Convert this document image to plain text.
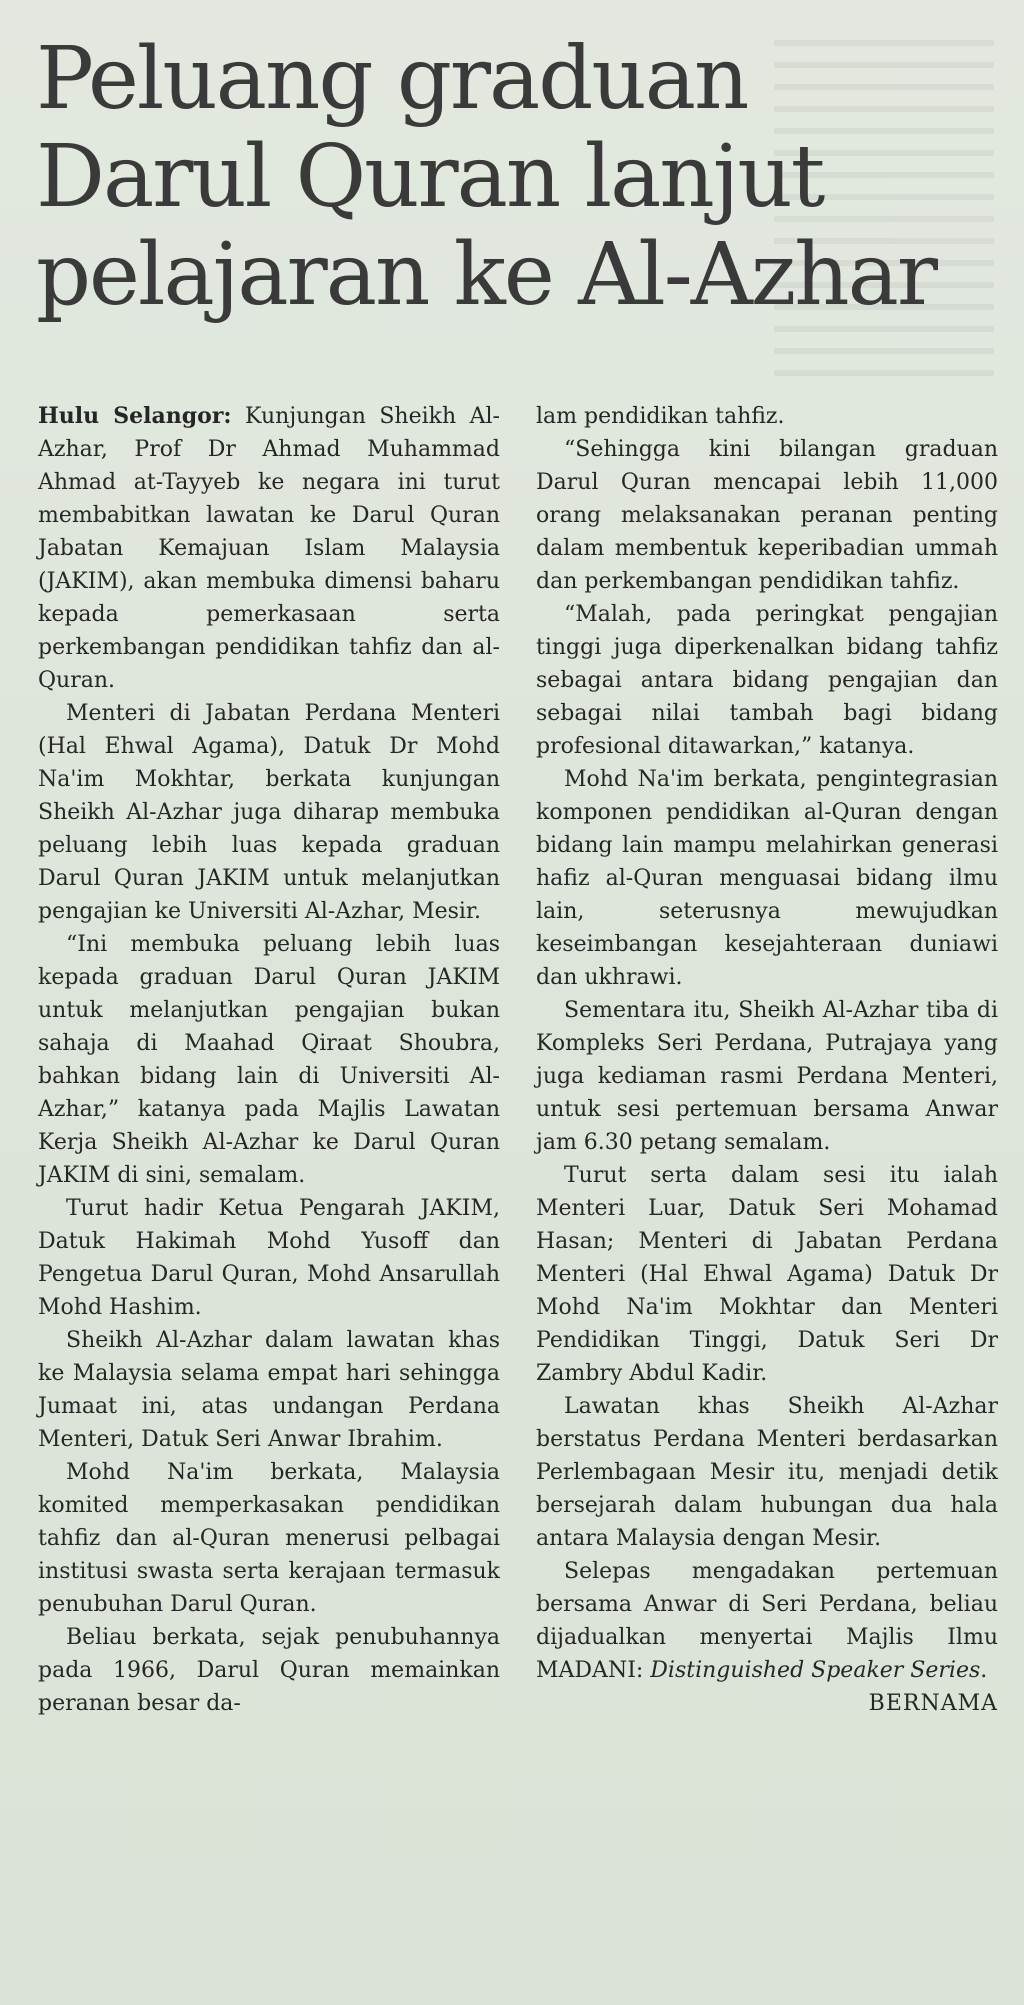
Peluang graduan
Darul Quran lanjut
pelajaran ke Al-Azhar

Hulu Selangor: Kunjungan Sheikh Al-Azhar, Prof Dr Ahmad Muhammad Ahmad at-Tayyeb ke negara ini turut membabitkan lawatan ke Darul Quran Jabatan Kemajuan Islam Malaysia (JAKIM), akan membuka dimensi baharu kepada pemerkasaan serta perkembangan pendidikan tahfiz dan al-Quran.

Menteri di Jabatan Perdana Menteri (Hal Ehwal Agama), Datuk Dr Mohd Na'im Mokhtar, berkata kunjungan Sheikh Al-Azhar juga diharap membuka peluang lebih luas kepada graduan Darul Quran JAKIM untuk melanjutkan pengajian ke Universiti Al-Azhar, Mesir.

“Ini membuka peluang lebih luas kepada graduan Darul Quran JAKIM untuk melanjutkan pengajian bukan sahaja di Maahad Qiraat Shoubra, bahkan bidang lain di Universiti Al-Azhar,” katanya pada Majlis Lawatan Kerja Sheikh Al-Azhar ke Darul Quran JAKIM di sini, semalam.

Turut hadir Ketua Pengarah JAKIM, Datuk Hakimah Mohd Yusoff dan Pengetua Darul Quran, Mohd Ansarullah Mohd Hashim.

Sheikh Al-Azhar dalam lawatan khas ke Malaysia selama empat hari sehingga Jumaat ini, atas undangan Perdana Menteri, Datuk Seri Anwar Ibrahim.

Mohd Na'im berkata, Malaysia komited memperkasakan pendidikan tahfiz dan al-Quran menerusi pelbagai institusi swasta serta kerajaan termasuk penubuhan Darul Quran.

Beliau berkata, sejak penubuhannya pada 1966, Darul Quran memainkan peranan besar da-

lam pendidikan tahfiz.

“Sehingga kini bilangan graduan Darul Quran mencapai lebih 11,000 orang melaksanakan peranan penting dalam membentuk keperibadian ummah dan perkembangan pendidikan tahfiz.

“Malah, pada peringkat pengajian tinggi juga diperkenalkan bidang tahfiz sebagai antara bidang pengajian dan sebagai nilai tambah bagi bidang profesional ditawarkan,” katanya.

Mohd Na'im berkata, pengintegrasian komponen pendidikan al-Quran dengan bidang lain mampu melahirkan generasi hafiz al-Quran menguasai bidang ilmu lain, seterusnya mewujudkan keseimbangan kesejahteraan duniawi dan ukhrawi.

Sementara itu, Sheikh Al-Azhar tiba di Kompleks Seri Perdana, Putrajaya yang juga kediaman rasmi Perdana Menteri, untuk sesi pertemuan bersama Anwar jam 6.30 petang semalam.

Turut serta dalam sesi itu ialah Menteri Luar, Datuk Seri Mohamad Hasan; Menteri di Jabatan Perdana Menteri (Hal Ehwal Agama) Datuk Dr Mohd Na'im Mokhtar dan Menteri Pendidikan Tinggi, Datuk Seri Dr Zambry Abdul Kadir.

Lawatan khas Sheikh Al-Azhar berstatus Perdana Menteri berdasarkan Perlembagaan Mesir itu, menjadi detik bersejarah dalam hubungan dua hala antara Malaysia dengan Mesir.

Selepas mengadakan pertemuan bersama Anwar di Seri Perdana, beliau dijadualkan menyertai Majlis Ilmu MADANI: Distinguished Speaker Series.

BERNAMA
